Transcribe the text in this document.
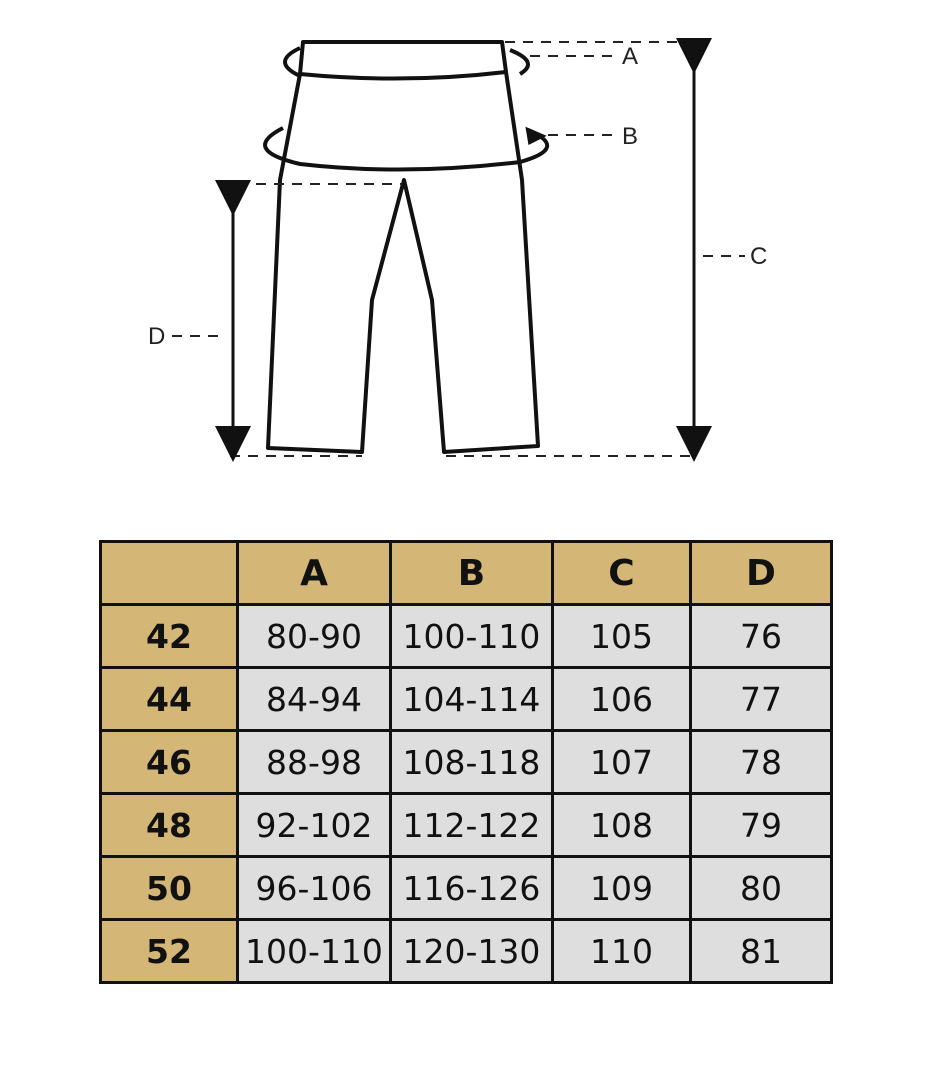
A
B
C
D
	A	B	C	D
42	80-90	100-110	105	76
44	84-94	104-114	106	77
46	88-98	108-118	107	78
48	92-102	112-122	108	79
50	96-106	116-126	109	80
52	100-110	120-130	110	81
